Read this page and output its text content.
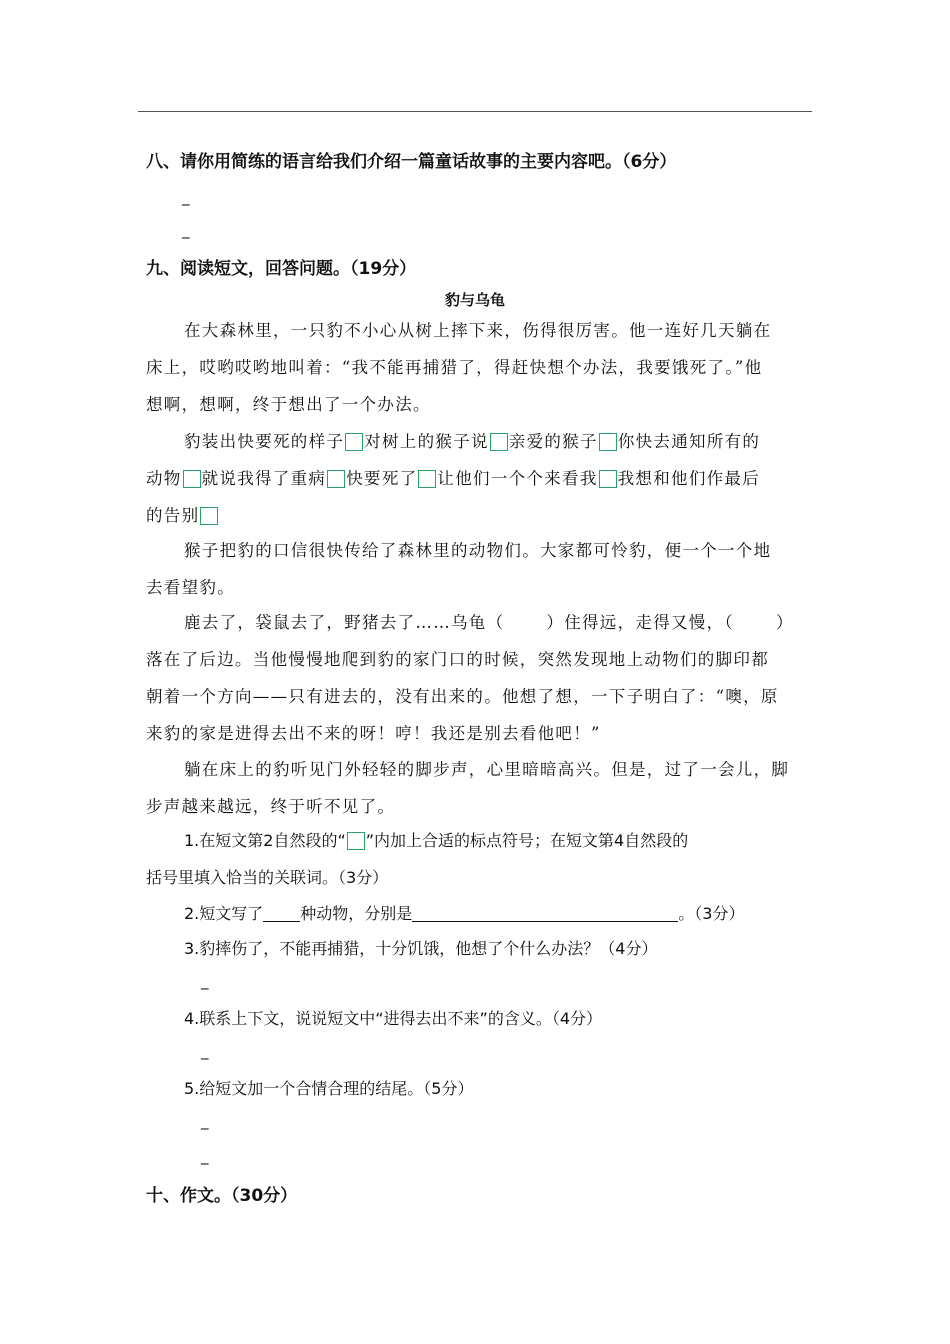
八、请你用简练的语言给我们介绍一篇童话故事的主要内容吧。（6分）
_
_
九、阅读短文，回答问题。（19分）
豹与乌龟
在大森林里，一只豹不小心从树上摔下来，伤得很厉害。他一连好几天躺在
床上，哎哟哎哟地叫着：“我不能再捕猎了，得赶快想个办法，我要饿死了。”他
想啊，想啊，终于想出了一个办法。
豹装出快要死的样子 对树上的猴子说 亲爱的猴子 你快去通知所有的
动物 就说我得了重病 快要死了 让他们一个个来看我 我想和他们作最后
的告别
猴子把豹的口信很快传给了森林里的动物们。大家都可怜豹，便一个一个地
去看望豹。
鹿去了，袋鼠去了，野猪去了……乌龟（	）住得远，走得又慢，（	）
落在了后边。当他慢慢地爬到豹的家门口的时候，突然发现地上动物们的脚印都
朝着一个方向——只有进去的，没有出来的。他想了想，一下子明白了：“噢，原
来豹的家是进得去出不来的呀！哼！我还是别去看他吧！”
躺在床上的豹听见门外轻轻的脚步声，心里暗暗高兴。但是，过了一会儿，脚
步声越来越远，终于听不见了。
1.在短文第2自然段的“ ”内加上合适的标点符号；在短文第4自然段的
括号里填入恰当的关联词。（3分）
2.短文写了 种动物，分别是	。（3分）
3.豹摔伤了，不能再捕猎，十分饥饿，他想了个什么办法？（4分）
_
4.联系上下文，说说短文中“进得去出不来”的含义。（4分）
_
5.给短文加一个合情合理的结尾。（5分）
_
_
十、作文。（30分）
